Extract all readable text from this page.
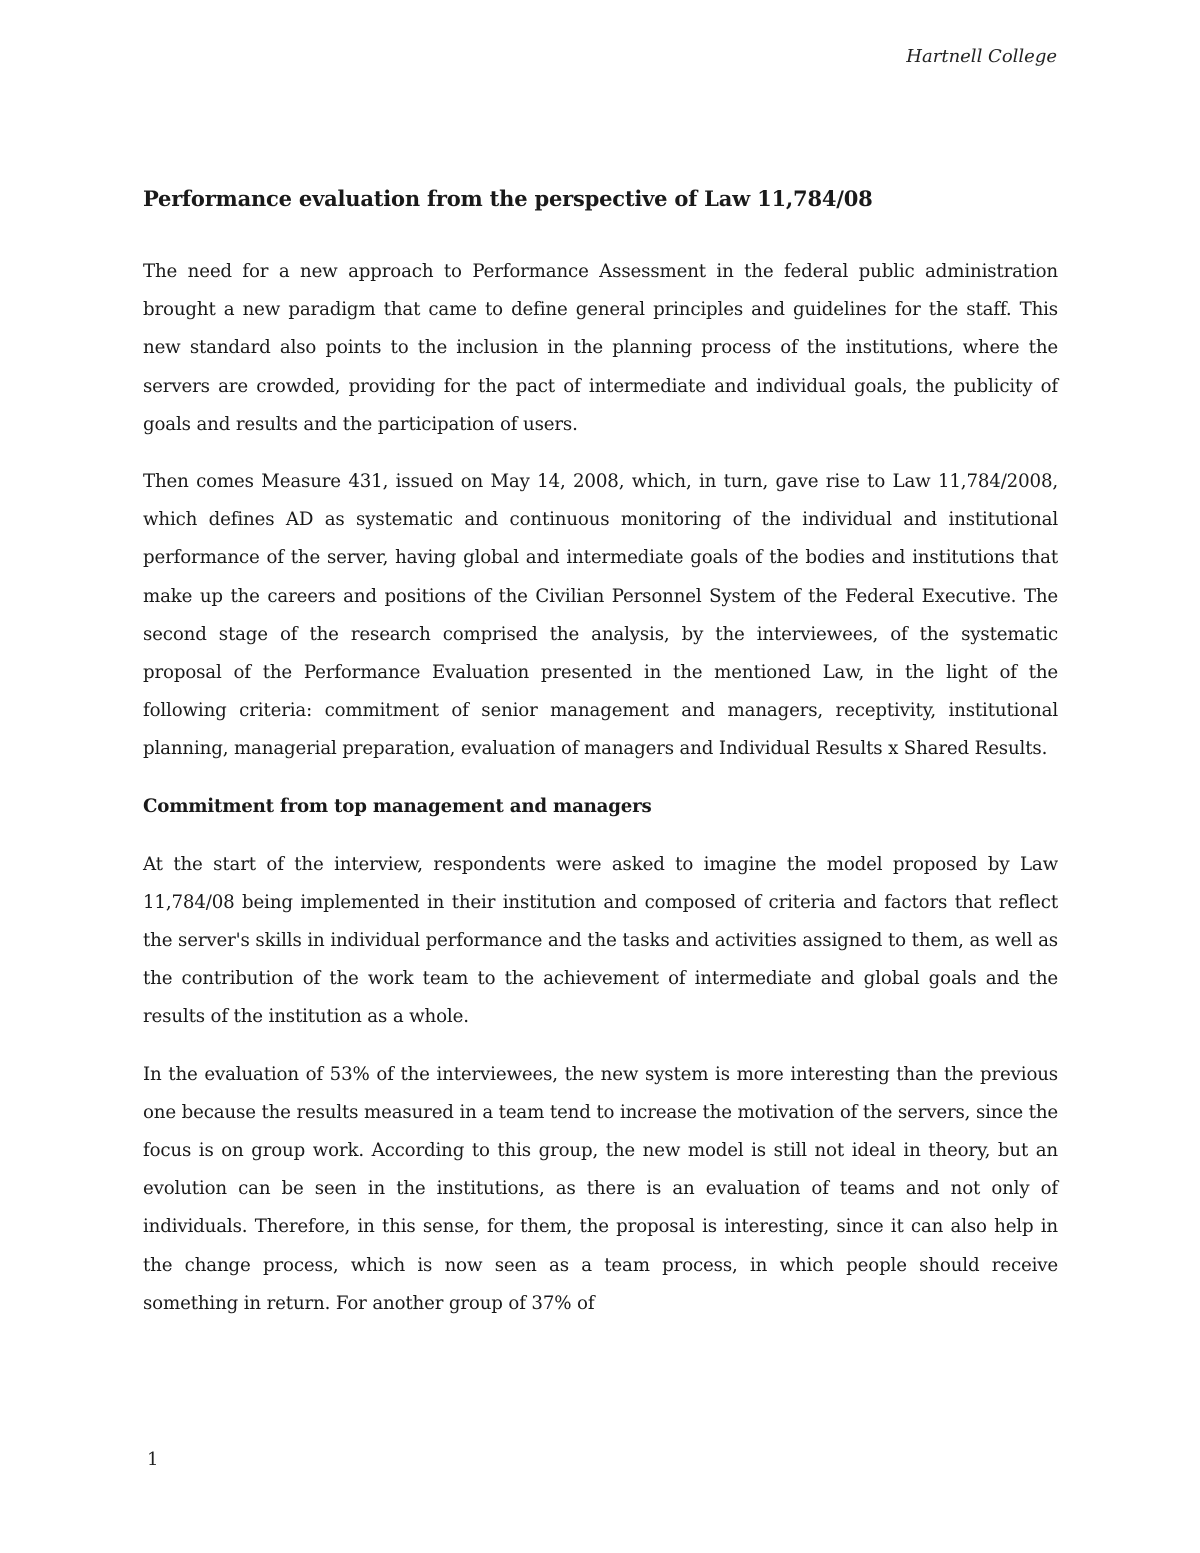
Hartnell College
Performance evaluation from the perspective of Law 11,784/08

The need for a new approach to Performance Assessment in the federal public administration brought a new paradigm that came to define general principles and guidelines for the staff. This new standard also points to the inclusion in the planning process of the institutions, where the servers are crowded, providing for the pact of intermediate and individual goals, the publicity of goals and results and the participation of users.

Then comes Measure 431, issued on May 14, 2008, which, in turn, gave rise to Law 11,784/2008, which defines AD as systematic and continuous monitoring of the individual and institutional performance of the server, having global and intermediate goals of the bodies and institutions that make up the careers and positions of the Civilian Personnel System of the Federal Executive. The second stage of the research comprised the analysis, by the interviewees, of the systematic proposal of the Performance Evaluation presented in the mentioned Law, in the light of the following criteria: commitment of senior management and managers, receptivity, institutional planning, managerial preparation, evaluation of managers and Individual Results x Shared Results.

Commitment from top management and managers

At the start of the interview, respondents were asked to imagine the model proposed by Law 11,784/08 being implemented in their institution and composed of criteria and factors that reflect the server's skills in individual performance and the tasks and activities assigned to them, as well as the contribution of the work team to the achievement of intermediate and global goals and the results of the institution as a whole.

In the evaluation of 53% of the interviewees, the new system is more interesting than the previous one because the results measured in a team tend to increase the motivation of the servers, since the focus is on group work. According to this group, the new model is still not ideal in theory, but an evolution can be seen in the institutions, as there is an evaluation of teams and not only of individuals. Therefore, in this sense, for them, the proposal is interesting, since it can also help in the change process, which is now seen as a team process, in which people should receive something in return. For another group of 37% of

1
